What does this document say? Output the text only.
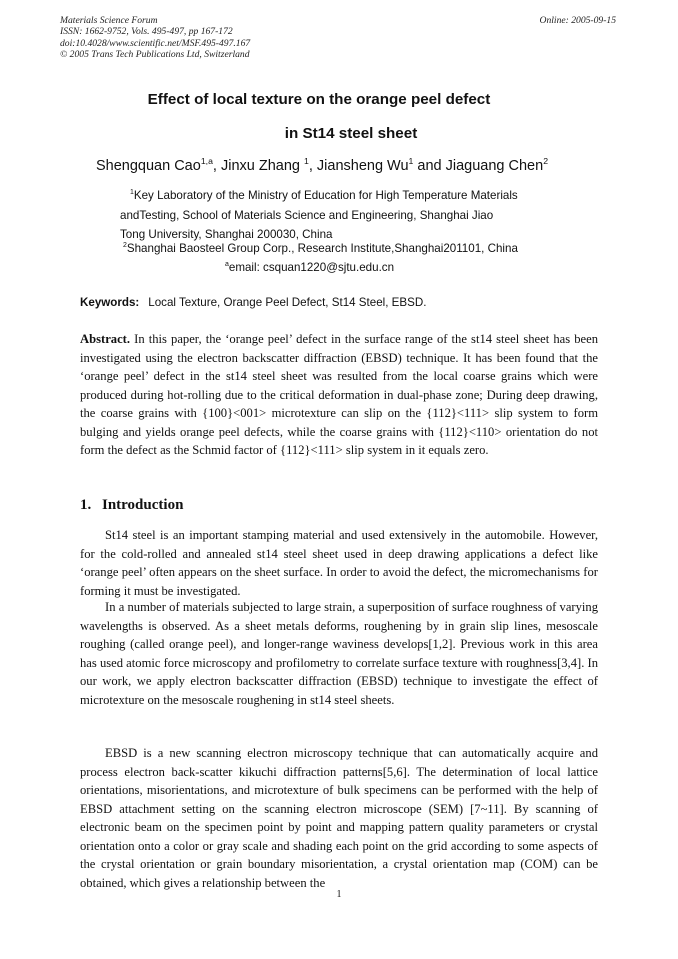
Materials Science Forum
ISSN: 1662-9752, Vols. 495-497, pp 167-172
doi:10.4028/www.scientific.net/MSF.495-497.167
© 2005 Trans Tech Publications Ltd, Switzerland
Online: 2005-09-15
Effect of local texture on the orange peel defect
in St14 steel sheet
Shengquan Cao$^{1,a}$, Jinxu Zhang $^1$, Jiansheng Wu$^1$ and Jiaguang Chen$^2$
$^1$Key Laboratory of the Ministry of Education for High Temperature Materials
andTesting, School of Materials Science and Engineering, Shanghai Jiao
Tong University, Shanghai 200030, China
$^2$Shanghai Baosteel Group Corp., Research Institute,Shanghai201101, China
$^a$email: csquan1220@sjtu.edu.cn
Keywords: Local Texture, Orange Peel Defect, St14 Steel, EBSD.
Abstract. In this paper, the ‘orange peel’ defect in the surface range of the st14 steel sheet has been investigated using the electron backscatter diffraction (EBSD) technique. It has been found that the ‘orange peel’ defect in the st14 steel sheet was resulted from the local coarse grains which were produced during hot-rolling due to the critical deformation in dual-phase zone; During deep drawing, the coarse grains with {100}<001> microtexture can slip on the {112}<111> slip system to form bulging and yields orange peel defects, while the coarse grains with {112}<110> orientation do not form the defect as the Schmid factor of {112}<111> slip system in it equals zero.
1. Introduction

St14 steel is an important stamping material and used extensively in the automobile. However, for the cold-rolled and annealed st14 steel sheet used in deep drawing applications a defect like ‘orange peel’ often appears on the sheet surface. In order to avoid the defect, the micromechanisms for forming it must be investigated.

In a number of materials subjected to large strain, a superposition of surface roughness of varying wavelengths is observed. As a sheet metals deforms, roughening by in grain slip lines, mesoscale roughing (called orange peel), and longer-range waviness develops[1,2]. Previous work in this area has used atomic force microscopy and profilometry to correlate surface texture with roughness[3,4]. In our work, we apply electron backscatter diffraction (EBSD) technique to investigate the effect of microtexture on the mesoscale roughening in st14 steel sheets.

EBSD is a new scanning electron microscopy technique that can automatically acquire and process electron back-scatter kikuchi diffraction patterns[5,6]. The determination of local lattice orientations, misorientations, and microtexture of bulk specimens can be performed with the help of EBSD attachment setting on the scanning electron microscope (SEM) [7~11]. By scanning of electronic beam on the specimen point by point and mapping pattern quality parameters or crystal orientation onto a color or gray scale and shading each point on the grid according to some aspects of the crystal orientation or grain boundary misorientation, a crystal orientation map (COM) can be obtained, which gives a relationship between the

1
